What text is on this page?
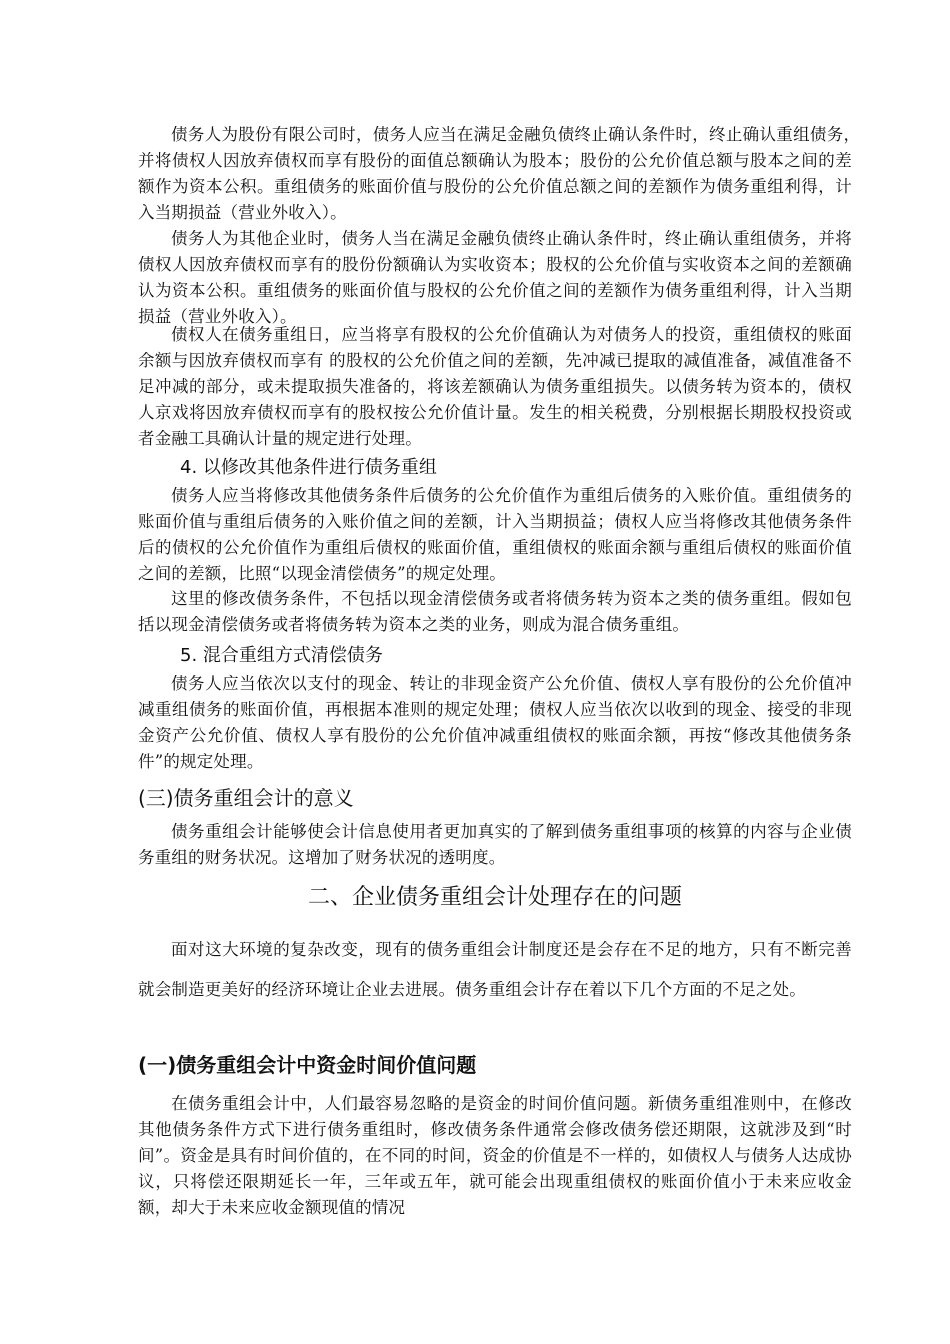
债务人为股份有限公司时，债务人应当在满足金融负债终止确认条件时，终止确认重组债务，　并将债权人因放弃债权而享有股份的面值总额确认为股本；股份的公允价值总额与股本之间的差额作为资本公积。重组债务的账面价值与股份的公允价值总额之间的差额作为债务重组利得，计入当期损益（营业外收入）。

债务人为其他企业时，债务人当在满足金融负债终止确认条件时，终止确认重组债务，并将债权人因放弃债权而享有的股份份额确认为实收资本；股权的公允价值与实收资本之间的差额确认为资本公积。重组债务的账面价值与股权的公允价值之间的差额作为债务重组利得，计入当期损益（营业外收入）。

债权人在债务重组日，应当将享有股权的公允价值确认为对债务人的投资，重组债权的账面余额与因放弃债权而享有 的股权的公允价值之间的差额，先冲减已提取的减值准备，减值准备不足冲减的部分，或未提取损失准备的，将该差额确认为债务重组损失。以债务转为资本的，债权人京戏将因放弃债权而享有的股权按公允价值计量。发生的相关税费，分别根据长期股权投资或者金融工具确认计量的规定进行处理。

4. 以修改其他条件进行债务重组

债务人应当将修改其他债务条件后债务的公允价值作为重组后债务的入账价值。重组债务的账面价值与重组后债务的入账价值之间的差额，计入当期损益；债权人应当将修改其他债务条件后的债权的公允价值作为重组后债权的账面价值，重组债权的账面余额与重组后债权的账面价值之间的差额，比照“以现金清偿债务”的规定处理。

这里的修改债务条件，不包括以现金清偿债务或者将债务转为资本之类的债务重组。假如包括以现金清偿债务或者将债务转为资本之类的业务，则成为混合债务重组。

5. 混合重组方式清偿债务

债务人应当依次以支付的现金、转让的非现金资产公允价值、债权人享有股份的公允价值冲减重组债务的账面价值，再根据本准则的规定处理；债权人应当依次以收到的现金、接受的非现金资产公允价值、债权人享有股份的公允价值冲减重组债权的账面余额，再按“修改其他债务条件”的规定处理。

(三)债务重组会计的意义

债务重组会计能够使会计信息使用者更加真实的了解到债务重组事项的核算的内容与企业债务重组的财务状况。这增加了财务状况的透明度。

二、企业债务重组会计处理存在的问题

面对这大环境的复杂改变，现有的债务重组会计制度还是会存在不足的地方，只有不断完善就会制造更美好的经济环境让企业去进展。债务重组会计存在着以下几个方面的不足之处。

(一)债务重组会计中资金时间价值问题

在债务重组会计中，人们最容易忽略的是资金的时间价值问题。新债务重组准则中，在修改其他债务条件方式下进行债务重组时，修改债务条件通常会修改债务偿还期限，这就涉及到“时间”。资金是具有时间价值的，在不同的时间，资金的价值是不一样的，如债权人与债务人达成协议，只将偿还限期延长一年，三年或五年，就可能会出现重组债权的账面价值小于未来应收金额，却大于未来应收金额现值的情况
